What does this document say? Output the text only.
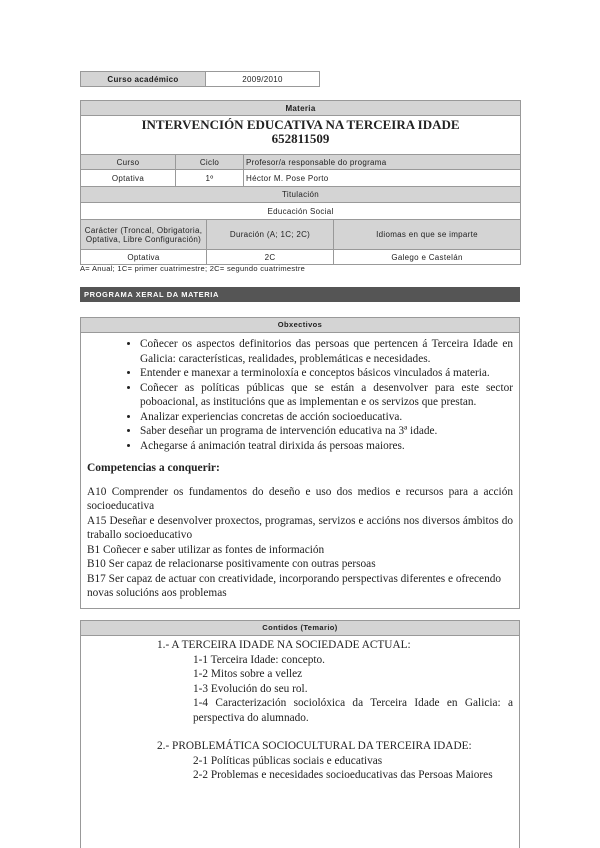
Curso académico	2009/2010
Materia				

INTERVENCIÓN EDUCATIVA NA TERCEIRA IDADE
652811509				

Curso	Ciclo		Profesor/a responsable do programa	
Optativa	1º		Héctor M. Pose Porto	
Titulación				
Educación Social				
Carácter (Troncal, Obrigatoria, Optativa, Libre Configuración)		Duración (A; 1C; 2C)		Idiomas en que se imparte
Optativa		2C		Galego e Castelán
A= Anual; 1C= primer cuatrimestre; 2C= segundo cuatrimestre
PROGRAMA XERAL DA MATERIA
Obxectivos
• Coñecer os aspectos definitorios das persoas que pertencen á Terceira Idade en Galicia: características, realidades, problemáticas e necesidades.
• Entender e manexar a terminoloxía e conceptos básicos vinculados á materia.
• Coñecer as políticas públicas que se están a desenvolver para este sector poboacional, as institucións que as implementan e os servizos que prestan.
• Analizar experiencias concretas de acción socioeducativa.
• Saber deseñar un programa de intervención educativa na 3ª idade.
• Achegarse á animación teatral dirixida ás persoas maiores.
Competencias a conquerir:
A10 Comprender os fundamentos do deseño e uso dos medios e recursos para a acción socioeducativa
A15 Deseñar e desenvolver proxectos, programas, servizos e accións nos diversos ámbitos do traballo socioeducativo
B1 Coñecer e saber utilizar as fontes de información
B10 Ser capaz de relacionarse positivamente con outras persoas
B17 Ser capaz de actuar con creatividade, incorporando perspectivas diferentes e ofrecendo novas solucións aos problemas
Contidos (Temario)
1.- A TERCEIRA IDADE NA SOCIEDADE ACTUAL:
1-1 Terceira Idade: concepto.
1-2 Mitos sobre a vellez
1-3 Evolución do seu rol.
1-4 Caracterización sociolóxica da Terceira Idade en Galicia: a perspectiva do alumnado.
2.- PROBLEMÁTICA SOCIOCULTURAL DA TERCEIRA IDADE:
2-1 Políticas públicas sociais e educativas
2-2 Problemas e necesidades socioeducativas das Persoas Maiores
